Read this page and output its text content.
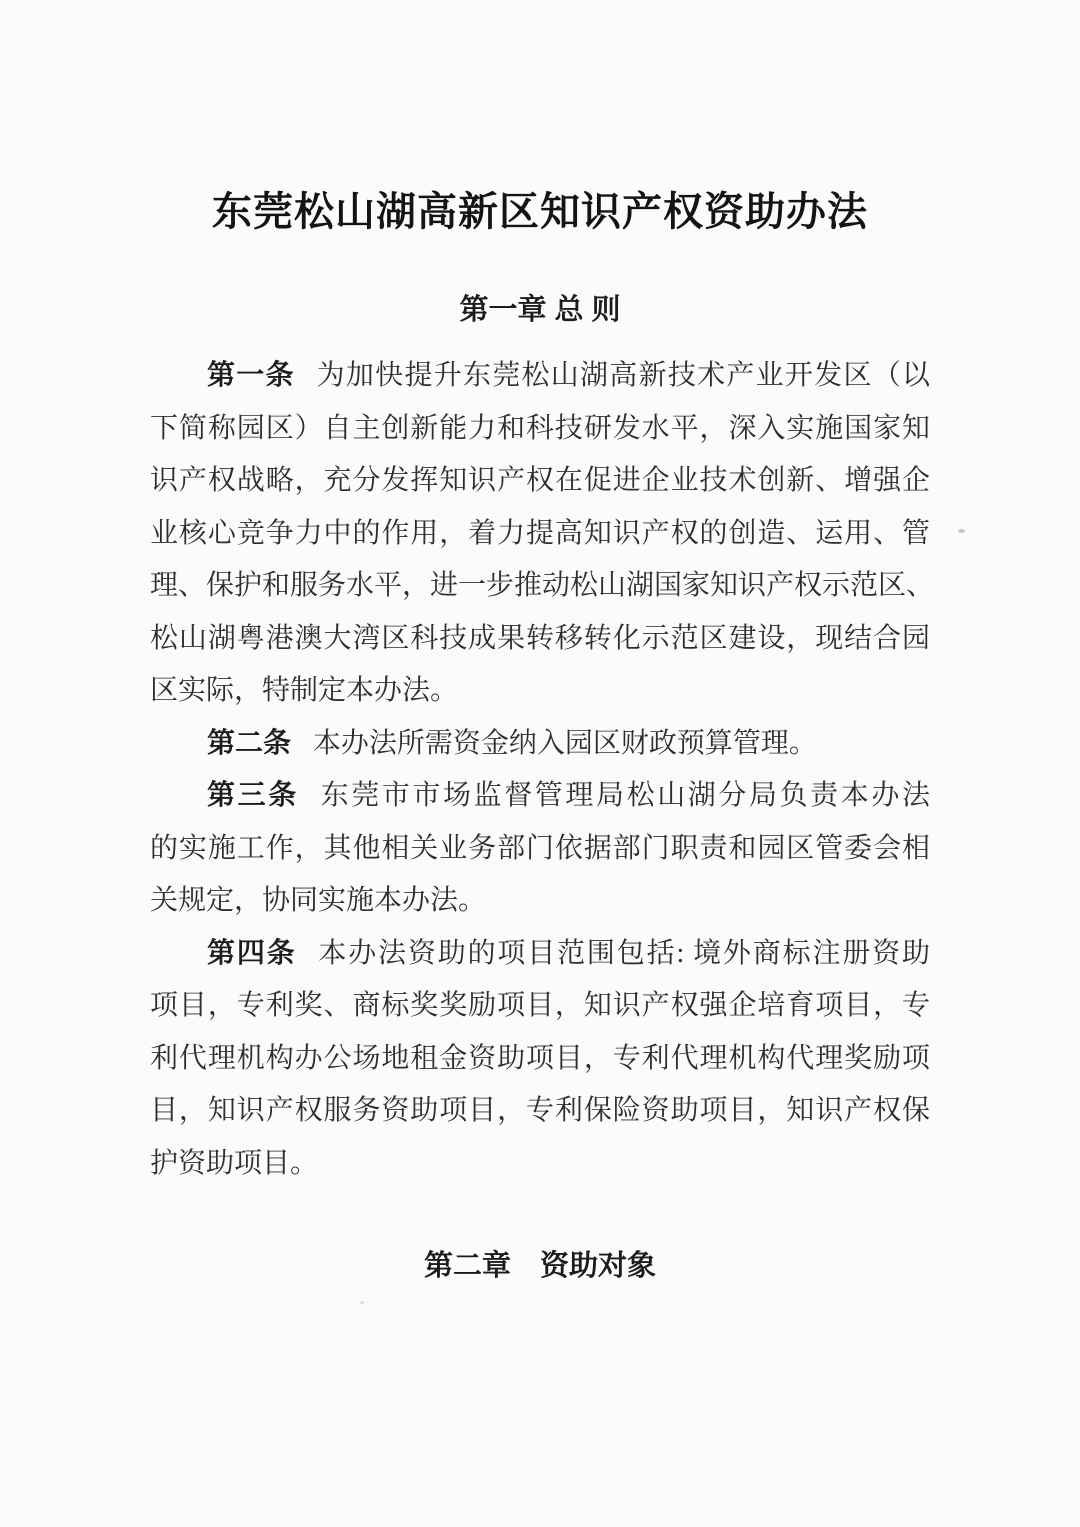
东莞松山湖高新区知识产权资助办法
第一章 总 则
第一条 为加快提升东莞松山湖高新技术产业开发区（以
下简称园区）自主创新能力和科技研发水平，深入实施国家知
识产权战略，充分发挥知识产权在促进企业技术创新、增强企
业核心竞争力中的作用，着力提高知识产权的创造、运用、管
理、保护和服务水平，进一步推动松山湖国家知识产权示范区、
松山湖粤港澳大湾区科技成果转移转化示范区建设，现结合园
区实际，特制定本办法。
第二条 本办法所需资金纳入园区财政预算管理。
第三条 东莞市市场监督管理局松山湖分局负责本办法
的实施工作，其他相关业务部门依据部门职责和园区管委会相
关规定，协同实施本办法。
第四条 本办法资助的项目范围包括: 境外商标注册资助
项目，专利奖、商标奖奖励项目，知识产权强企培育项目，专
利代理机构办公场地租金资助项目，专利代理机构代理奖励项
目，知识产权服务资助项目，专利保险资助项目，知识产权保
护资助项目。
第二章　资助对象
